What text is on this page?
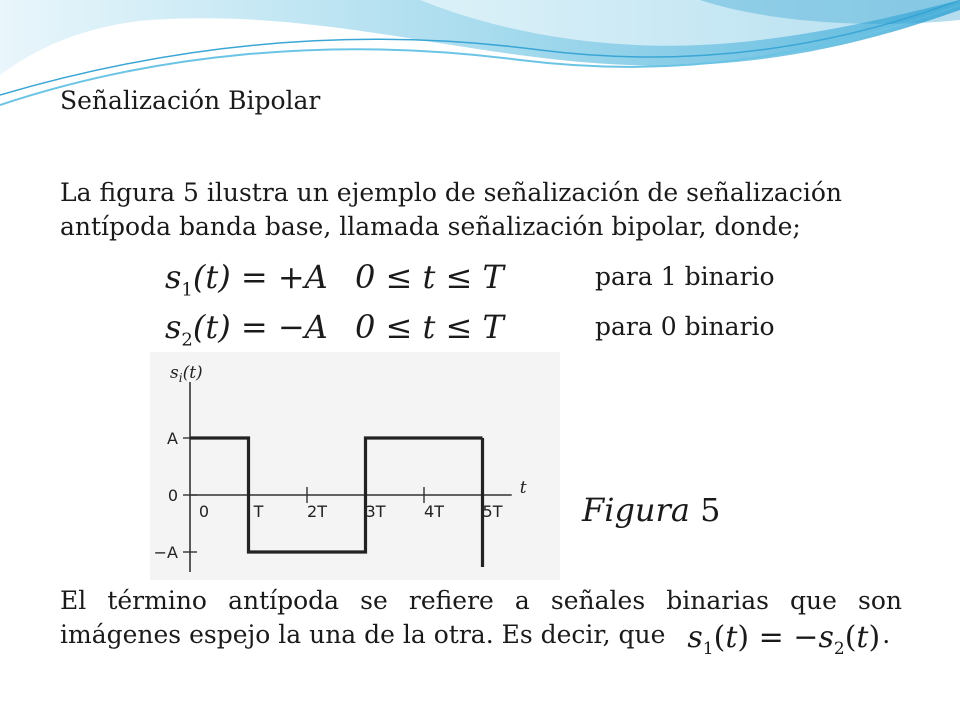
Señalización Bipolar
La figura 5 ilustra un ejemplo de señalización de señalización antípoda banda base, llamada señalización bipolar, donde;
$s_1(t) = +A$ 0 ≤ t ≤ T	para 1 binario
$s_2(t) = -A$ 0 ≤ t ≤ T	para 0 binario
$s_i(t)$
t
A
0
−A
0	T	2T 3T 4T 5T Figura 5
El término antípoda se refiere a señales binarias que son imágenes espejo la una de la otra. Es decir, que $s_1(t) = -s_2(t)$.
